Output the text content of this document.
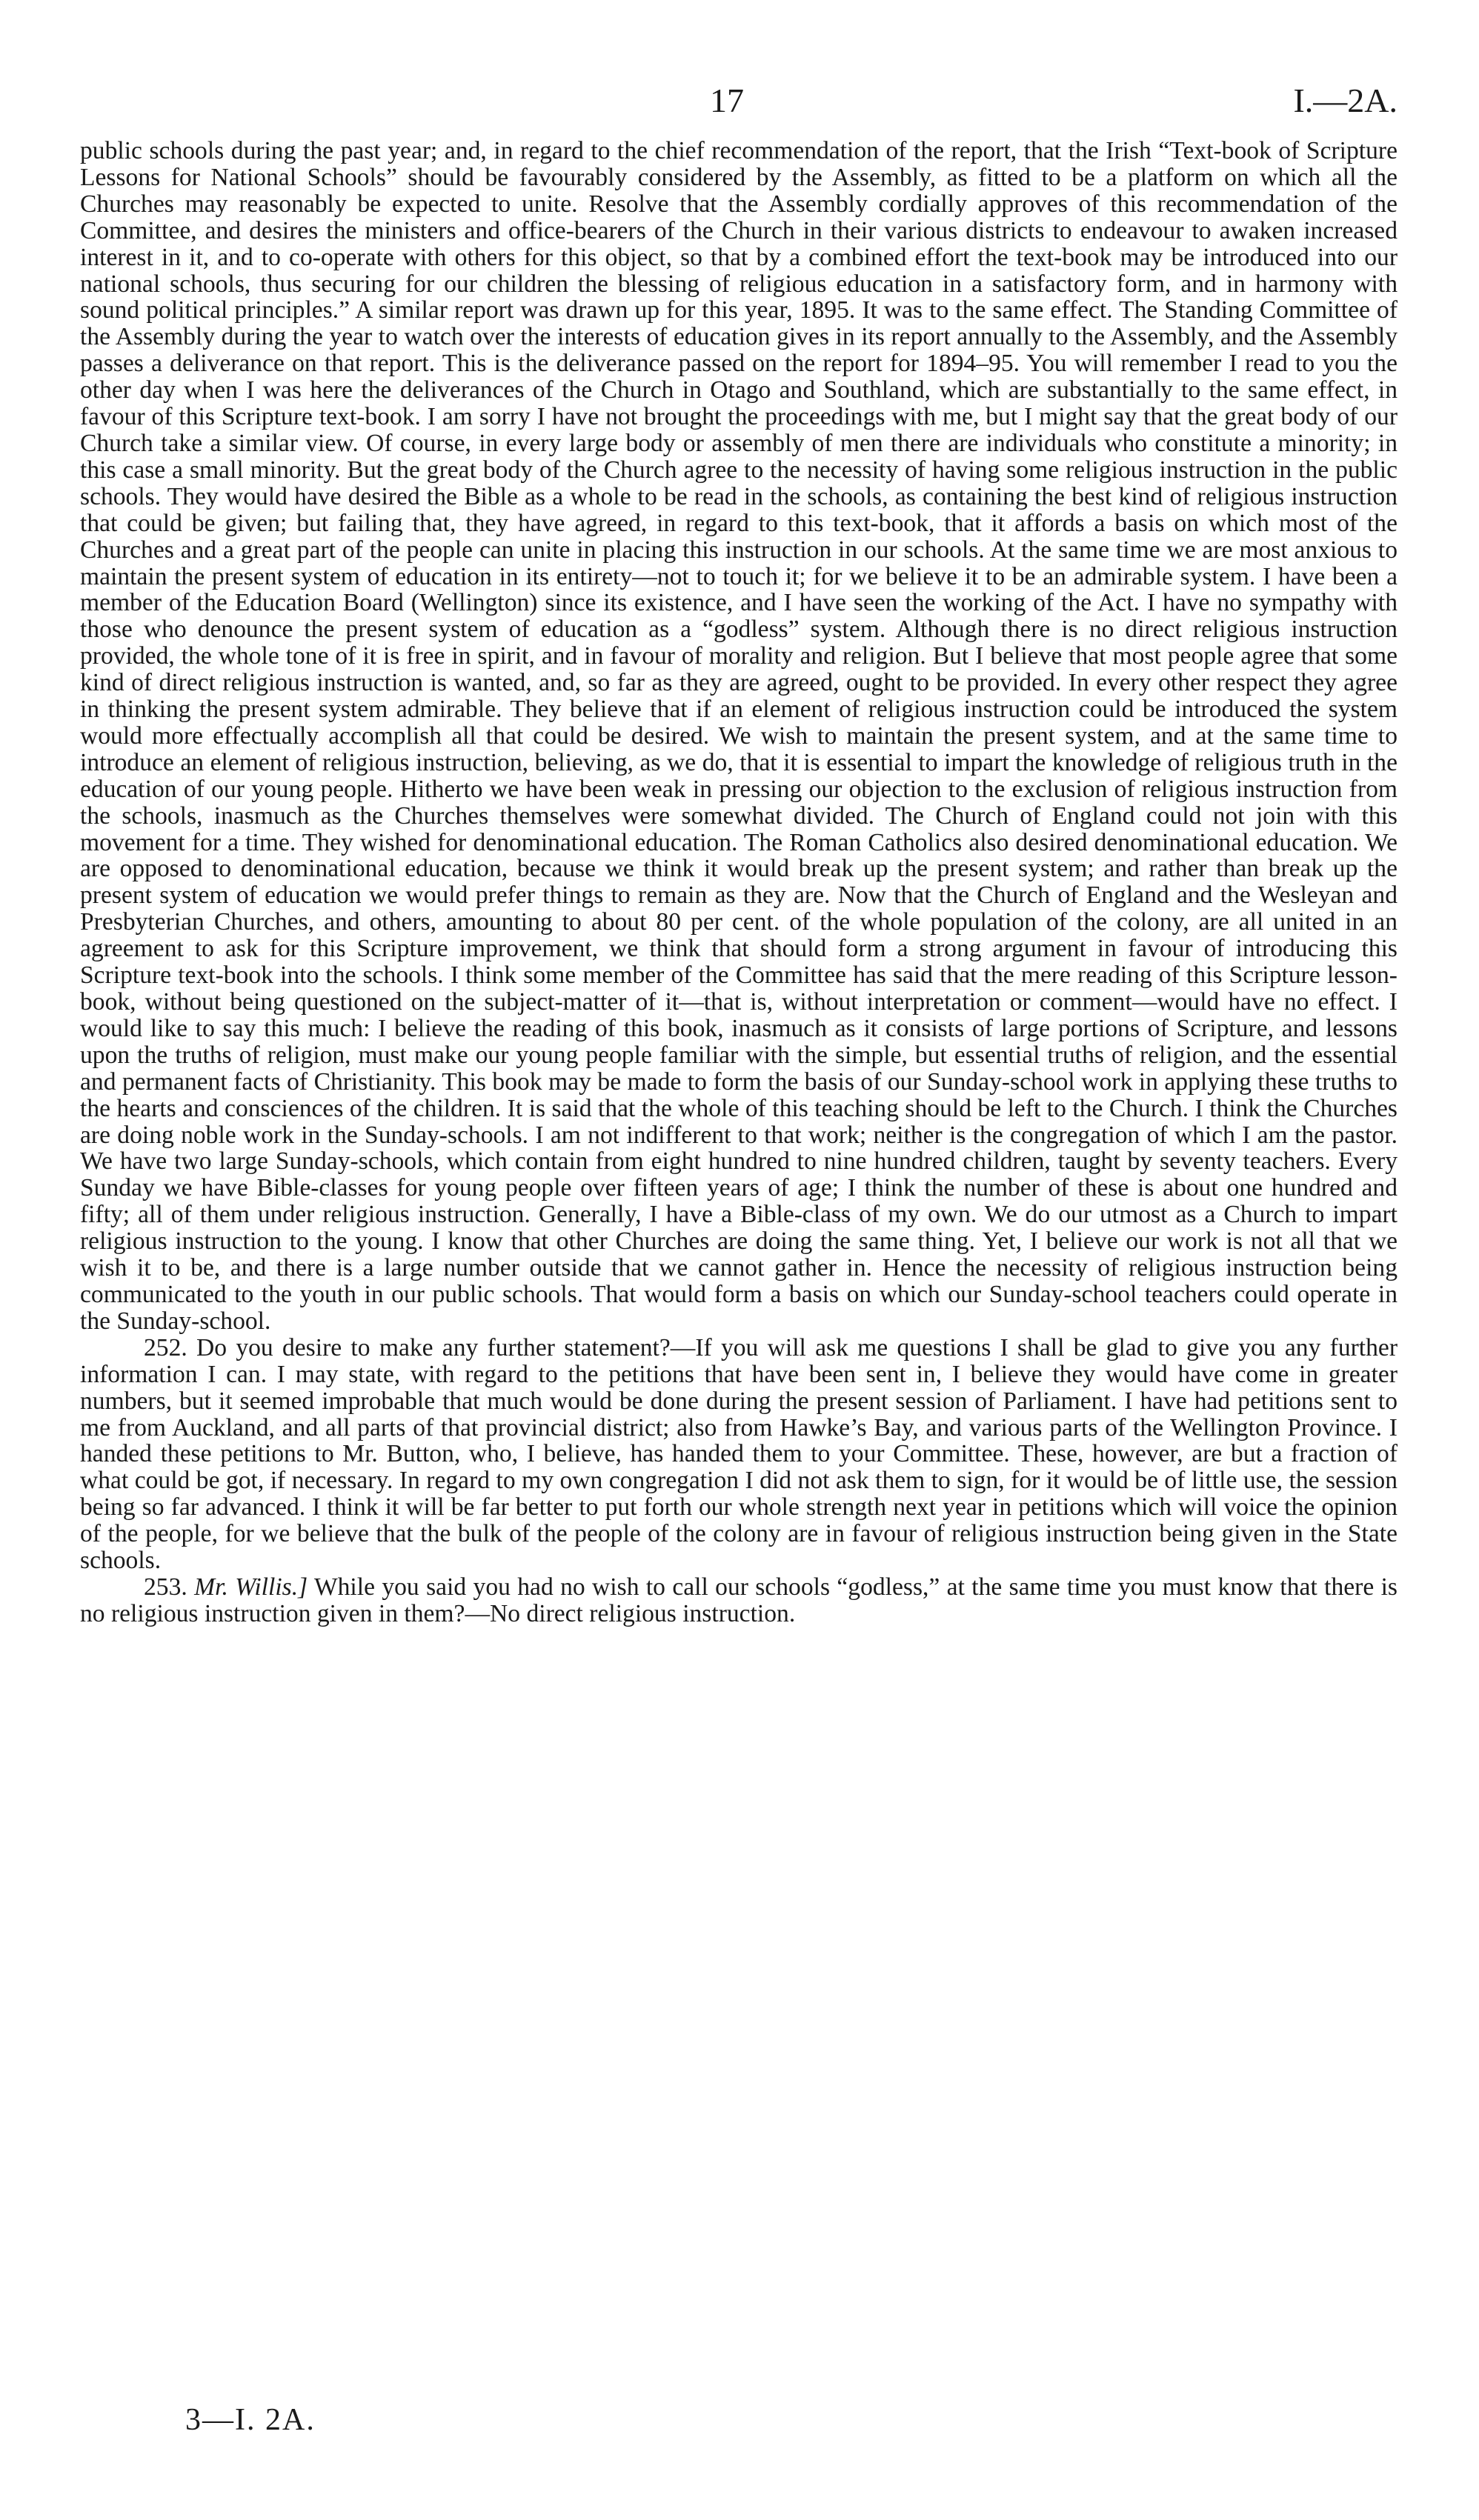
17	I.—2A.

public schools during the past year; and, in regard to the chief recommendation of the report, that the Irish “Text-book of Scripture Lessons for National Schools” should be favourably considered by the Assembly, as fitted to be a platform on which all the Churches may reasonably be expected to unite. Resolve that the Assembly cordially approves of this recommendation of the Committee, and desires the ministers and office-bearers of the Church in their various districts to endeavour to awaken increased interest in it, and to co-operate with others for this object, so that by a combined effort the text-book may be introduced into our national schools, thus securing for our children the blessing of religious education in a satisfactory form, and in harmony with sound political principles.” A similar report was drawn up for this year, 1895. It was to the same effect. The Standing Committee of the Assembly during the year to watch over the interests of education gives in its report annually to the Assembly, and the Assembly passes a deliverance on that report. This is the deliverance passed on the report for 1894–95. You will remember I read to you the other day when I was here the deliverances of the Church in Otago and Southland, which are substantially to the same effect, in favour of this Scripture text-book. I am sorry I have not brought the proceedings with me, but I might say that the great body of our Church take a similar view. Of course, in every large body or assembly of men there are individuals who constitute a minority; in this case a small minority. But the great body of the Church agree to the necessity of having some religious instruction in the public schools. They would have desired the Bible as a whole to be read in the schools, as containing the best kind of religious instruction that could be given; but failing that, they have agreed, in regard to this text-book, that it affords a basis on which most of the Churches and a great part of the people can unite in placing this instruction in our schools. At the same time we are most anxious to maintain the present system of education in its entirety—not to touch it; for we believe it to be an admirable system. I have been a member of the Education Board (Wellington) since its existence, and I have seen the working of the Act. I have no sympathy with those who denounce the present system of education as a “godless” system. Although there is no direct religious instruction provided, the whole tone of it is free in spirit, and in favour of morality and religion. But I believe that most people agree that some kind of direct religious instruction is wanted, and, so far as they are agreed, ought to be provided. In every other respect they agree in thinking the present system admirable. They believe that if an element of religious instruction could be introduced the system would more effectually accomplish all that could be desired. We wish to maintain the present system, and at the same time to introduce an element of religious instruction, believing, as we do, that it is essential to impart the knowledge of religious truth in the education of our young people. Hitherto we have been weak in pressing our objection to the exclusion of religious instruction from the schools, inasmuch as the Churches themselves were somewhat divided. The Church of England could not join with this movement for a time. They wished for denominational education. The Roman Catholics also desired denominational education. We are opposed to denominational education, because we think it would break up the present system; and rather than break up the present system of education we would prefer things to remain as they are. Now that the Church of England and the Wesleyan and Presbyterian Churches, and others, amounting to about 80 per cent. of the whole population of the colony, are all united in an agreement to ask for this Scripture improvement, we think that should form a strong argument in favour of introducing this Scripture text-book into the schools. I think some member of the Committee has said that the mere reading of this Scripture lesson-book, without being questioned on the subject-matter of it—that is, without interpretation or comment—would have no effect. I would like to say this much: I believe the reading of this book, inasmuch as it consists of large portions of Scripture, and lessons upon the truths of religion, must make our young people familiar with the simple, but essential truths of religion, and the essential and permanent facts of Christianity. This book may be made to form the basis of our Sunday-school work in applying these truths to the hearts and consciences of the children. It is said that the whole of this teaching should be left to the Church. I think the Churches are doing noble work in the Sunday-schools. I am not indifferent to that work; neither is the congregation of which I am the pastor. We have two large Sunday-schools, which contain from eight hundred to nine hundred children, taught by seventy teachers. Every Sunday we have Bible-classes for young people over fifteen years of age; I think the number of these is about one hundred and fifty; all of them under religious instruction. Generally, I have a Bible-class of my own. We do our utmost as a Church to impart religious instruction to the young. I know that other Churches are doing the same thing. Yet, I believe our work is not all that we wish it to be, and there is a large number outside that we cannot gather in. Hence the necessity of religious instruction being communicated to the youth in our public schools. That would form a basis on which our Sunday-school teachers could operate in the Sunday-school.

252. Do you desire to make any further statement?—If you will ask me questions I shall be glad to give you any further information I can. I may state, with regard to the petitions that have been sent in, I believe they would have come in greater numbers, but it seemed improbable that much would be done during the present session of Parliament. I have had petitions sent to me from Auckland, and all parts of that provincial district; also from Hawke’s Bay, and various parts of the Wellington Province. I handed these petitions to Mr. Button, who, I believe, has handed them to your Committee. These, however, are but a fraction of what could be got, if necessary. In regard to my own congregation I did not ask them to sign, for it would be of little use, the session being so far advanced. I think it will be far better to put forth our whole strength next year in petitions which will voice the opinion of the people, for we believe that the bulk of the people of the colony are in favour of religious instruction being given in the State schools.

253. Mr. Willis.] While you said you had no wish to call our schools “godless,” at the same time you must know that there is no religious instruction given in them?—No direct religious instruction.

3—I. 2A.
